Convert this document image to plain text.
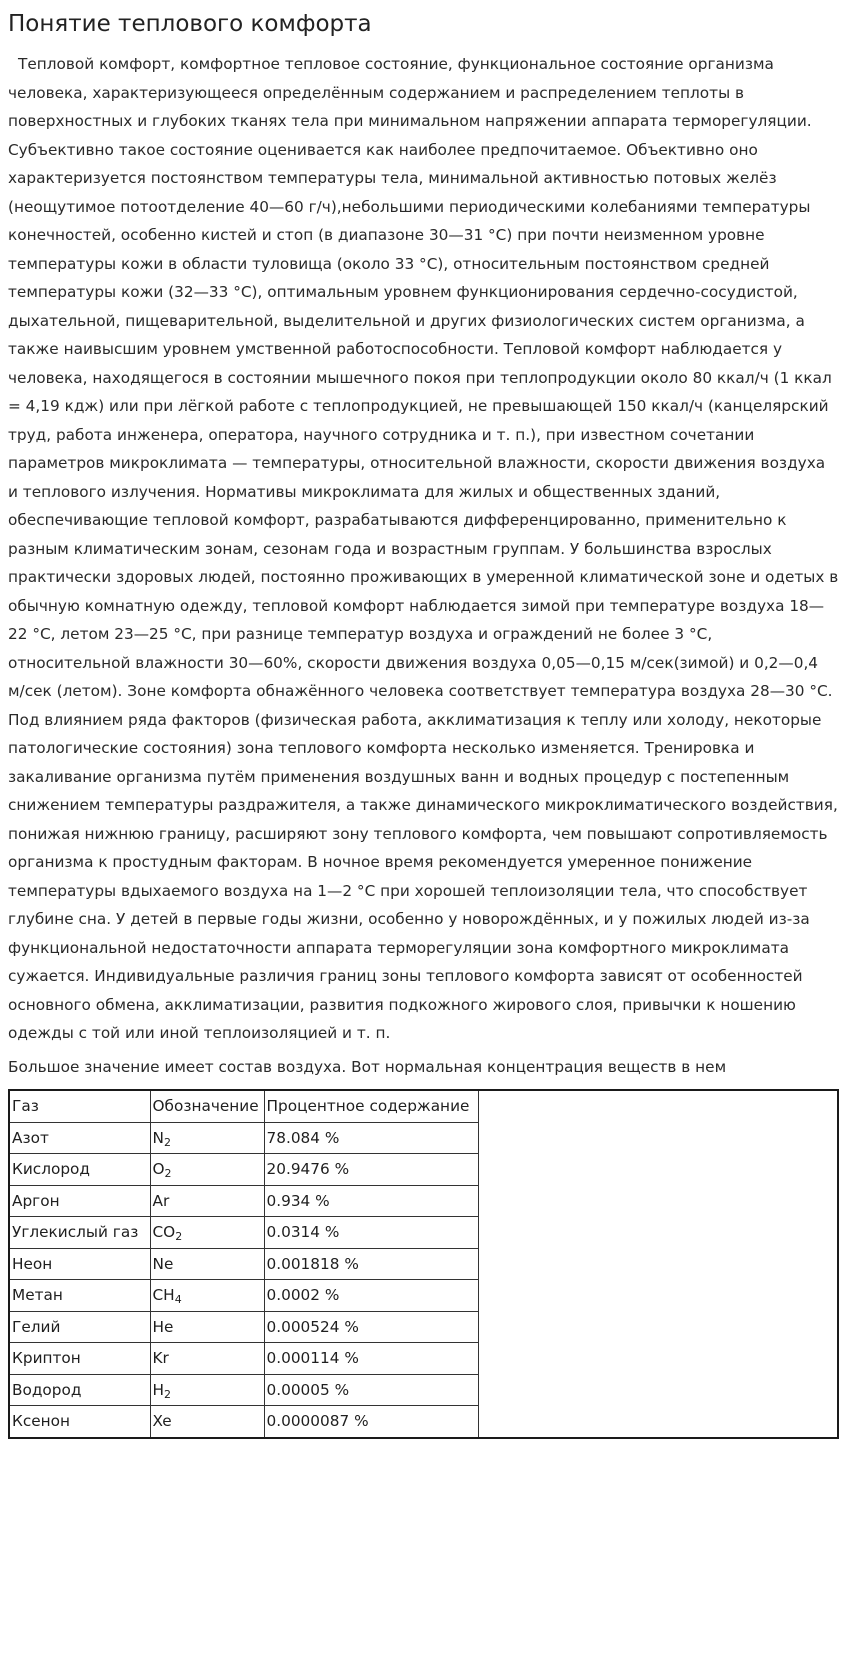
Понятие теплового комфорта

Тепловой комфорт, комфортное тепловое состояние, функциональное состояние организма человека, характеризующееся определённым содержанием и распределением теплоты в поверхностных и глубоких тканях тела при минимальном напряжении аппарата терморегуляции. Субъективно такое состояние оценивается как наиболее предпочитаемое. Объективно оно характеризуется постоянством температуры тела, минимальной активностью потовых желёз (неощутимое потоотделение 40—60 г/ч),небольшими периодическими колебаниями температуры конечностей, особенно кистей и стоп (в диапазоне 30—31 °С) при почти неизменном уровне температуры кожи в области туловища (около 33 °С), относительным постоянством средней температуры кожи (32—33 °С), оптимальным уровнем функционирования сердечно-сосудистой, дыхательной, пищеварительной, выделительной и других физиологических систем организма, а также наивысшим уровнем умственной работоспособности. Тепловой комфорт наблюдается у человека, находящегося в состоянии мышечного покоя при теплопродукции около 80 ккал/ч (1 ккал = 4,19 кдж) или при лёгкой работе с теплопродукцией, не превышающей 150 ккал/ч (канцелярский труд, работа инженера, оператора, научного сотрудника и т. п.), при известном сочетании параметров микроклимата — температуры, относительной влажности, скорости движения воздуха и теплового излучения. Нормативы микроклимата для жилых и общественных зданий, обеспечивающие тепловой комфорт, разрабатываются дифференцированно, применительно к разным климатическим зонам, сезонам года и возрастным группам. У большинства взрослых практически здоровых людей, постоянно проживающих в умеренной климатической зоне и одетых в обычную комнатную одежду, тепловой комфорт наблюдается зимой при температуре воздуха 18—22 °С, летом 23—25 °С, при разнице температур воздуха и ограждений не более 3 °С, относительной влажности 30—60%, скорости движения воздуха 0,05—0,15 м/сек(зимой) и 0,2—0,4 м/сек (летом). Зоне комфорта обнажённого человека соответствует температура воздуха 28—30 °С. Под влиянием ряда факторов (физическая работа, акклиматизация к теплу или холоду, некоторые патологические состояния) зона теплового комфорта несколько изменяется. Тренировка и закаливание организма путём применения воздушных ванн и водных процедур с постепенным снижением температуры раздражителя, а также динамического микроклиматического воздействия, понижая нижнюю границу, расширяют зону теплового комфорта, чем повышают сопротивляемость организма к простудным факторам. В ночное время рекомендуется умеренное понижение температуры вдыхаемого воздуха на 1—2 °С при хорошей теплоизоляции тела, что способствует глубине сна. У детей в первые годы жизни, особенно у новорождённых, и у пожилых людей из-за функциональной недостаточности аппарата терморегуляции зона комфортного микроклимата сужается. Индивидуальные различия границ зоны теплового комфорта зависят от особенностей основного обмена, акклиматизации, развития подкожного жирового слоя, привычки к ношению одежды с той или иной теплоизоляцией и т. п.

Большое значение имеет состав воздуха. Вот нормальная концентрация веществ в нем

Газ	Обозначение	Процентное содержание
Азот	$N_2$	78.084 %
Кислород	$O_2$	20.9476 %
Аргон	Ar	0.934 %
Углекислый газ	$CO_2$	0.0314 %
Неон	Ne	0.001818 %
Метан	$CH_4$	0.0002 %
Гелий	He	0.000524 %
Криптон	Kr	0.000114 %
Водород	$H_2$	0.00005 %
Ксенон	Xe	0.0000087 %
